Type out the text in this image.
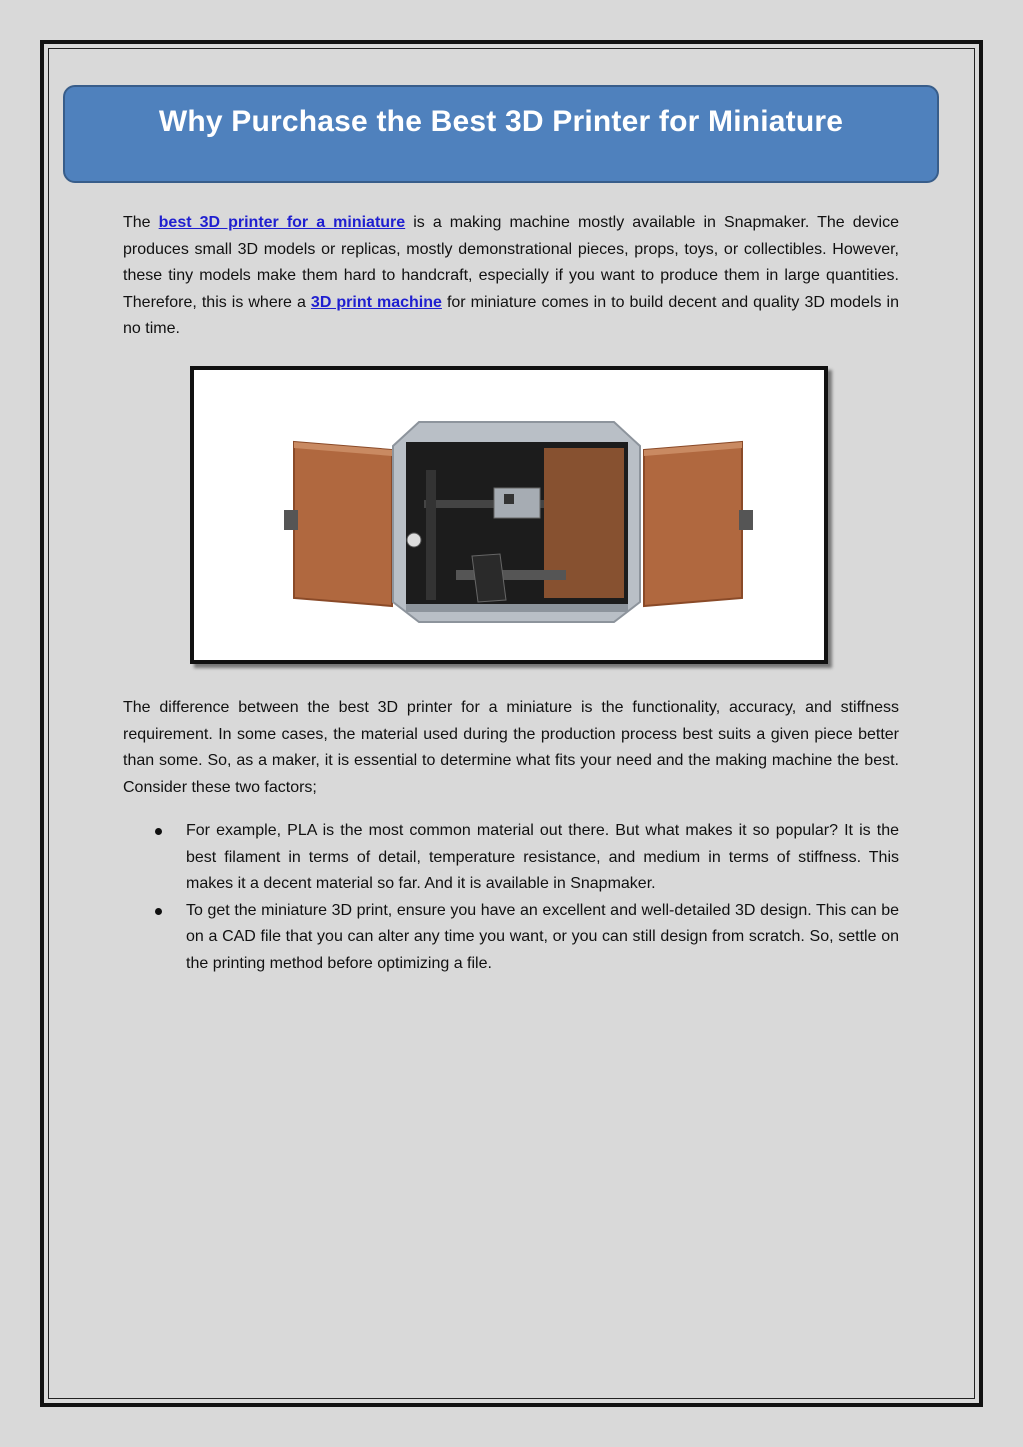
Why Purchase the Best 3D Printer for Miniature
The best 3D printer for a miniature is a making machine mostly available in Snapmaker. The device produces small 3D models or replicas, mostly demonstrational pieces, props, toys, or collectibles. However, these tiny models make them hard to handcraft, especially if you want to produce them in large quantities. Therefore, this is where a 3D print machine for miniature comes in to build decent and quality 3D models in no time.
The difference between the best 3D printer for a miniature is the functionality, accuracy, and stiffness requirement. In some cases, the material used during the production process best suits a given piece better than some. So, as a maker, it is essential to determine what fits your need and the making machine the best. Consider these two factors;
For example, PLA is the most common material out there. But what makes it so popular? It is the best filament in terms of detail, temperature resistance, and medium in terms of stiffness. This makes it a decent material so far. And it is available in Snapmaker.
To get the miniature 3D print, ensure you have an excellent and well-detailed 3D design. This can be on a CAD file that you can alter any time you want, or you can still design from scratch. So, settle on the printing method before optimizing a file.
